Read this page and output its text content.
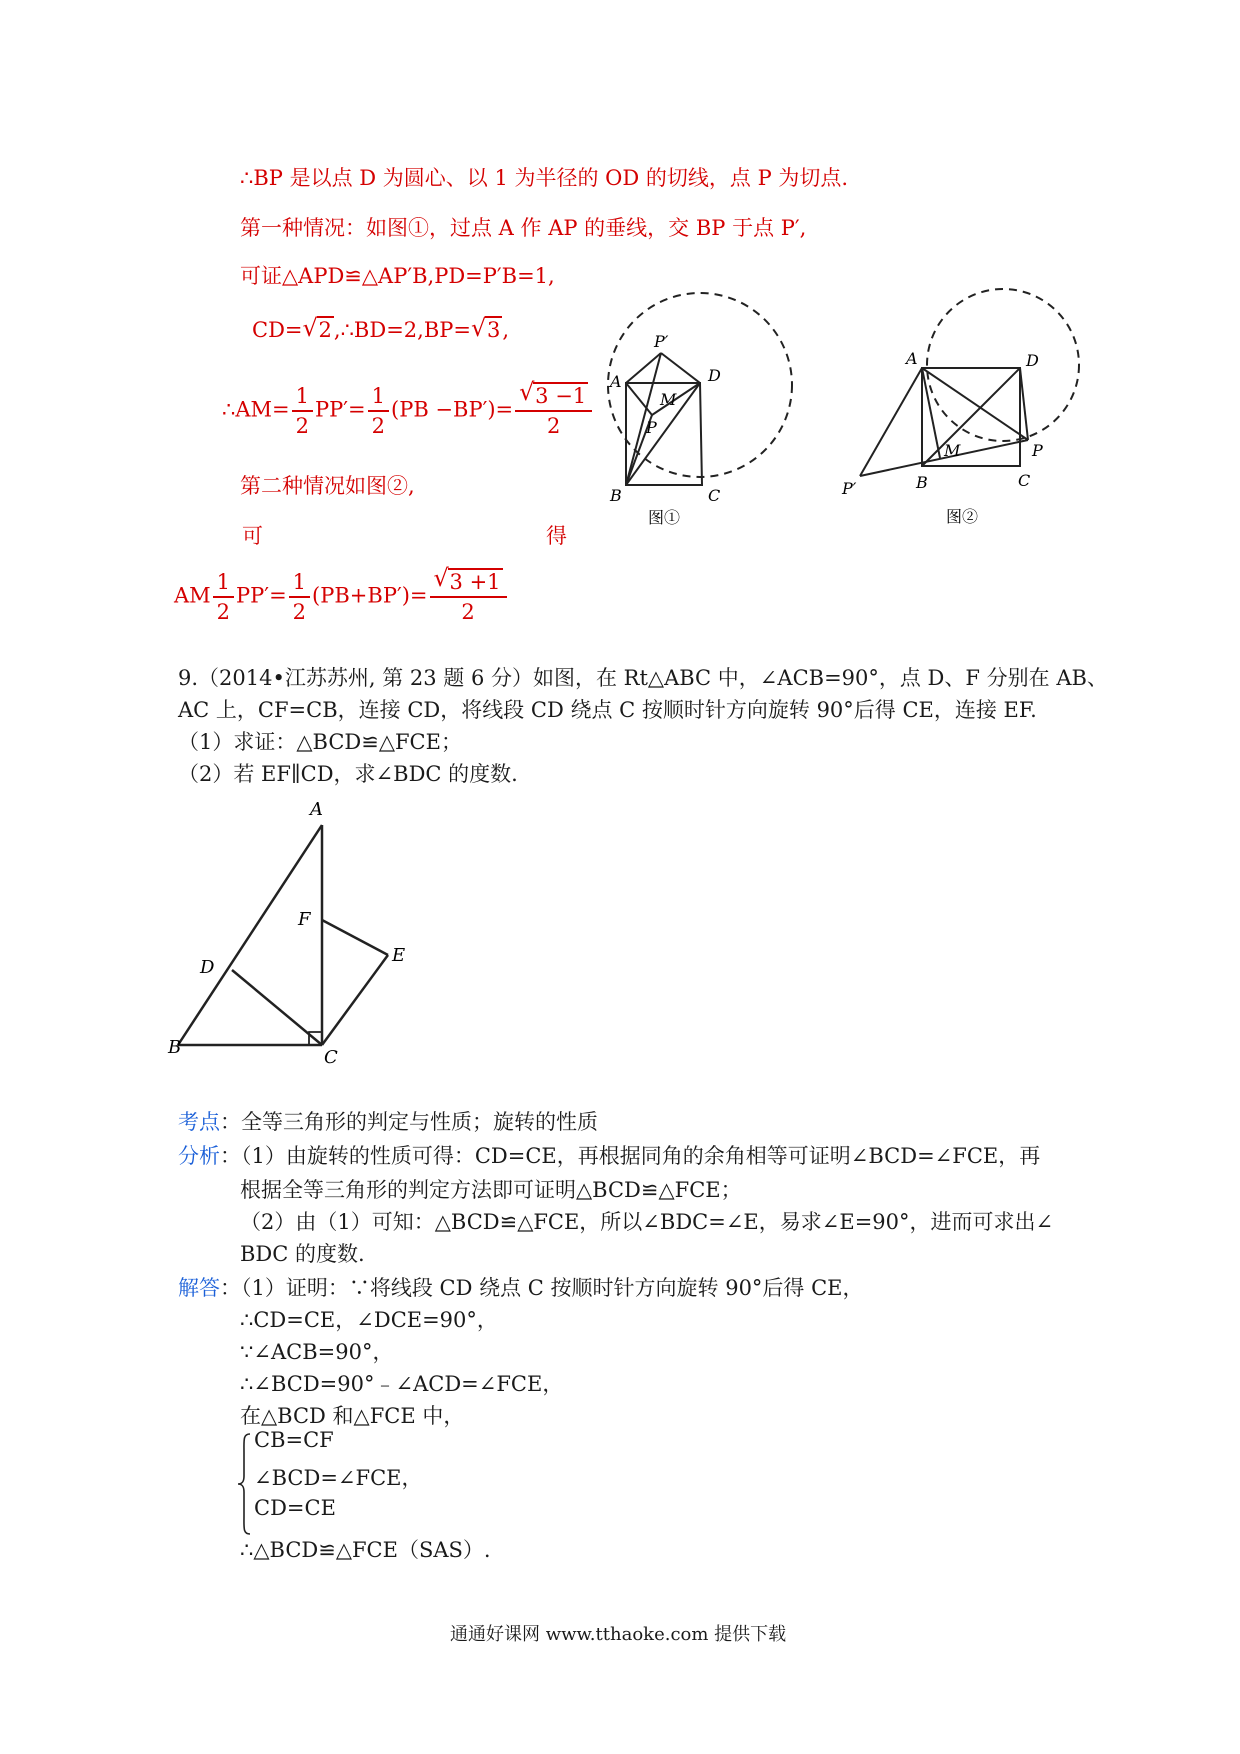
∴BP 是以点 D 为圆心、以 1 为半径的 OD 的切线，点 P 为切点.
第一种情况：如图①，过点 A 作 AP 的垂线，交 BP 于点 P′,
可证△APD≌△AP′B,PD=P′B=1,
CD= √ 2,∴BD=2,BP= √ 3,
∴AM= $\frac{1}{2} PP'= \frac{1}{2} (PB -BP')= \frac{√ 3 -1}{2}$
第二种情况如图②,
可	得
AM $\frac{1}{2} PP'= \frac{1}{2} (PB+BP')= \frac{√ 3 +1}{2}$
P′
A
M
D
P
B	C
图①
A	D
M	P
B	C
P′
图②
9.（2014•江苏苏州, 第 23 题 6 分）如图，在 Rt△ABC 中，∠ACB=90°，点 D、F 分别在 AB、
AC 上，CF=CB，连接 CD，将线段 CD 绕点 C 按顺时针方向旋转 90°后得 CE，连接 EF.
（1）求证：△BCD≌△FCE；
（2）若 EF∥CD，求∠BDC 的度数.
A
F
E
D
B	C
考点：全等三角形的判定与性质；旋转的性质
分析：（1）由旋转的性质可得：CD=CE，再根据同角的余角相等可证明∠BCD=∠FCE，再
根据全等三角形的判定方法即可证明△BCD≌△FCE；
（2）由（1）可知：△BCD≌△FCE，所以∠BDC=∠E，易求∠E=90°，进而可求出∠
BDC 的度数.
解答：（1）证明：∵将线段 CD 绕点 C 按顺时针方向旋转 90°后得 CE，
∴CD=CE，∠DCE=90°，
∵∠ACB=90°，
∴∠BCD=90°﹣∠ACD=∠FCE，
在△BCD 和△FCE 中，
CB=CF
∠BCD=∠FCE，
CD=CE
∴△BCD≌△FCE（SAS）.
通通好课网 www.tthaoke.com 提供下载
